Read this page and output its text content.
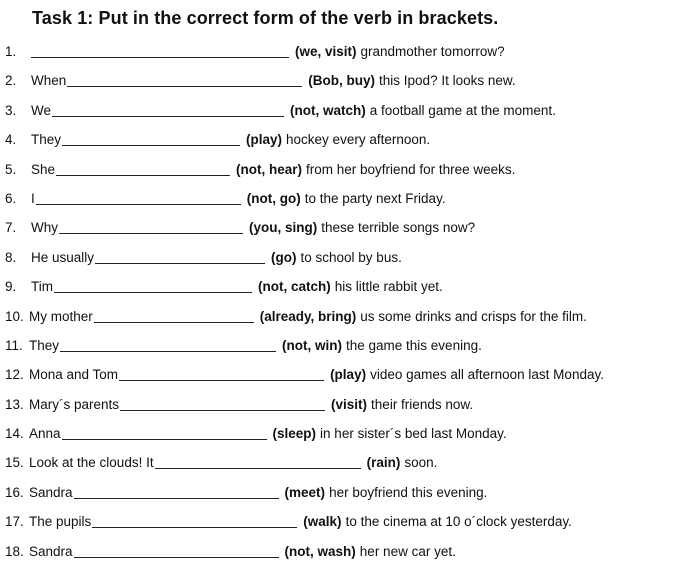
Task 1: Put in the correct form of the verb in brackets.
1.	(we, visit) grandmother tomorrow?
2.	When	(Bob, buy) this Ipod? It looks new.
3.	We	(not, watch) a football game at the moment.
4.	They	(play) hockey every afternoon.
5.	She	(not, hear) from her boyfriend for three weeks.
6.	I	(not, go) to the party next Friday.
7.	Why	(you, sing) these terrible songs now?
8.	He usually	(go) to school by bus.
9.	Tim	(not, catch) his little rabbit yet.
10. My mother	(already, bring) us some drinks and crisps for the film.
11. They	(not, win) the game this evening.
12. Mona and Tom	(play) video games all afternoon last Monday.
13. Mary´s parents	(visit) their friends now.
14. Anna	(sleep) in her sister´s bed last Monday.
15. Look at the clouds! It	(rain) soon.
16. Sandra	(meet) her boyfriend this evening.
17. The pupils	(walk) to the cinema at 10 o´clock yesterday.
18. Sandra	(not, wash) her new car yet.
